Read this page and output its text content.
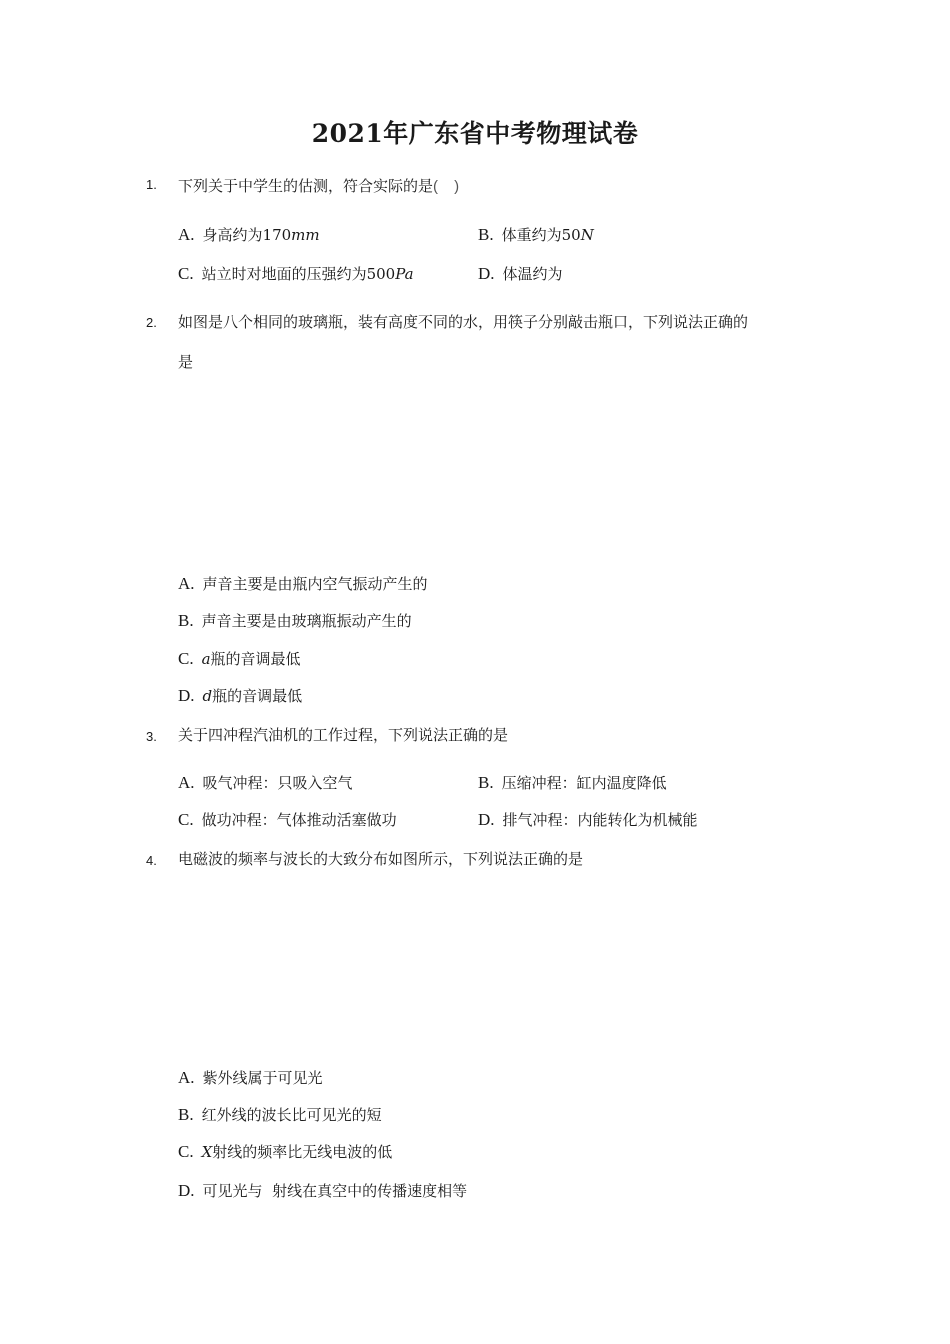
2021年广东省中考物理试卷
1. 下列关于中学生的估测，符合实际的是( )
A. 身高约为170mm	B. 体重约为50N
C. 站立时对地面的压强约为500Pa	D. 体温约为
2. 如图是八个相同的玻璃瓶，装有高度不同的水，用筷子分别敲击瓶口，下列说法正确的
是
A. 声音主要是由瓶内空气振动产生的
B. 声音主要是由玻璃瓶振动产生的
C. a瓶的音调最低
D. d瓶的音调最低
3. 关于四冲程汽油机的工作过程，下列说法正确的是
A. 吸气冲程：只吸入空气	B. 压缩冲程：缸内温度降低
C. 做功冲程：气体推动活塞做功	D. 排气冲程：内能转化为机械能
4. 电磁波的频率与波长的大致分布如图所示，下列说法正确的是
A. 紫外线属于可见光
B. 红外线的波长比可见光的短
C. X射线的频率比无线电波的低
D. 可见光与  射线在真空中的传播速度相等
